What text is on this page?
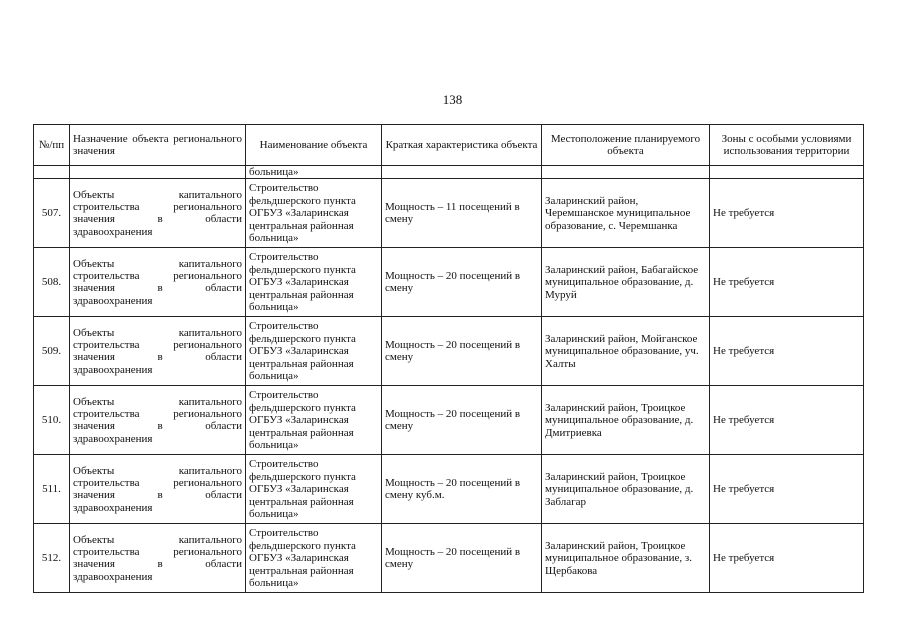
138
№/пп	Назначение объекта регионального значения	Наименование объекта	Краткая характеристика объекта	Местоположение планируемого объекта	Зоны с особыми условиями использования территории
		больница»			
507.	Объекты капитального
строительства регионального
значения в области
здравоохранения	Строительство фельдшерского пункта ОГБУЗ «Заларинская центральная районная больница»	Мощность – 11 посещений в смену	Заларинский район, Черемшанское муниципальное образование, с. Черемшанка	Не требуется
508.	Объекты капитального
строительства регионального
значения в области
здравоохранения	Строительство фельдшерского пункта ОГБУЗ «Заларинская центральная районная больница»	Мощность – 20 посещений в смену	Заларинский район, Бабагайское муниципальное образование, д. Муруй	Не требуется
509.	Объекты капитального
строительства регионального
значения в области
здравоохранения	Строительство фельдшерского пункта ОГБУЗ «Заларинская центральная районная больница»	Мощность – 20 посещений в смену	Заларинский район, Мойганское муниципальное образование, уч. Халты	Не требуется
510.	Объекты капитального
строительства регионального
значения в области
здравоохранения	Строительство фельдшерского пункта ОГБУЗ «Заларинская центральная районная больница»	Мощность – 20 посещений в смену	Заларинский район, Троицкое муниципальное образование, д. Дмитриевка	Не требуется
511.	Объекты капитального
строительства регионального
значения в области
здравоохранения	Строительство фельдшерского пункта ОГБУЗ «Заларинская центральная районная больница»	Мощность – 20 посещений в смену куб.м.	Заларинский район, Троицкое муниципальное образование, д. Заблагар	Не требуется
512.	Объекты капитального
строительства регионального
значения в области
здравоохранения	Строительство фельдшерского пункта ОГБУЗ «Заларинская центральная районная больница»	Мощность – 20 посещений в смену	Заларинский район, Троицкое муниципальное образование, з. Щербакова	Не требуется
